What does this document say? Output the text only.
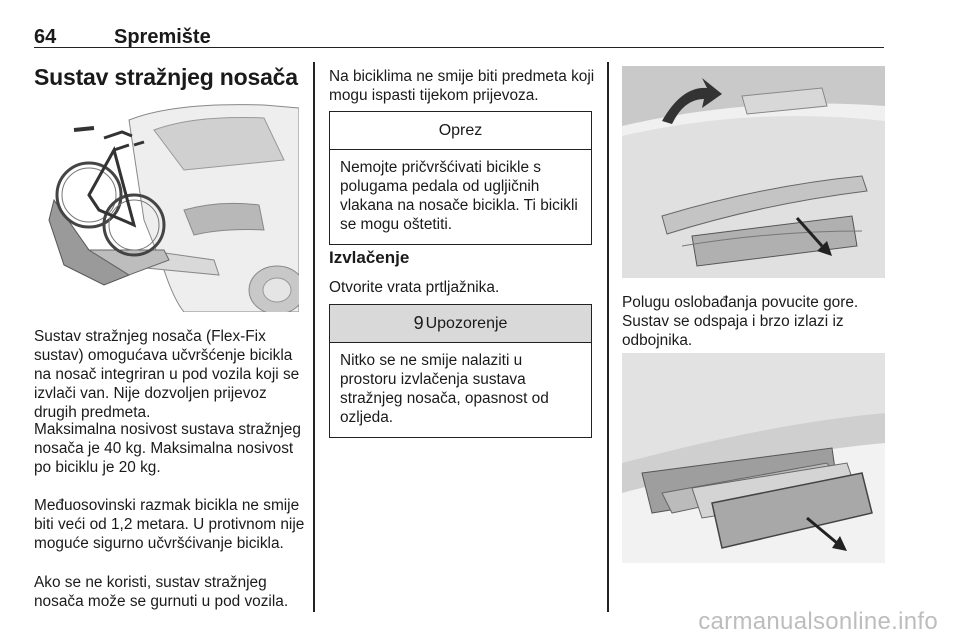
64	Spremište
Sustav stražnjeg nosača
Sustav stražnjeg nosača (Flex-Fix sustav) omogućava učvršćenje bicikla na nosač integriran u pod vozila koji se izvlači van. Nije dozvoljen prijevoz drugih predmeta.
Maksimalna nosivost sustava stražnjeg nosača je 40 kg. Maksimalna nosivost po biciklu je 20 kg.
Međuosovinski razmak bicikla ne smije biti veći od 1,2 metara. U protivnom nije moguće sigurno učvršćivanje bicikla.
Ako se ne koristi, sustav stražnjeg nosača može se gurnuti u pod vozila.
Na biciklima ne smije biti predmeta koji mogu ispasti tijekom prijevoza.
Oprez
Nemojte pričvršćivati bicikle s polugama pedala od ugljičnih vlakana na nosače bicikla. Ti bicikli se mogu oštetiti.
Izvlačenje
Otvorite vrata prtljažnika.
9 Upozorenje
Nitko se ne smije nalaziti u prostoru izvlačenja sustava stražnjeg nosača, opasnost od ozljeda.
Polugu oslobađanja povucite gore. Sustav se odspaja i brzo izlazi iz odbojnika.
carmanualsonline.info
